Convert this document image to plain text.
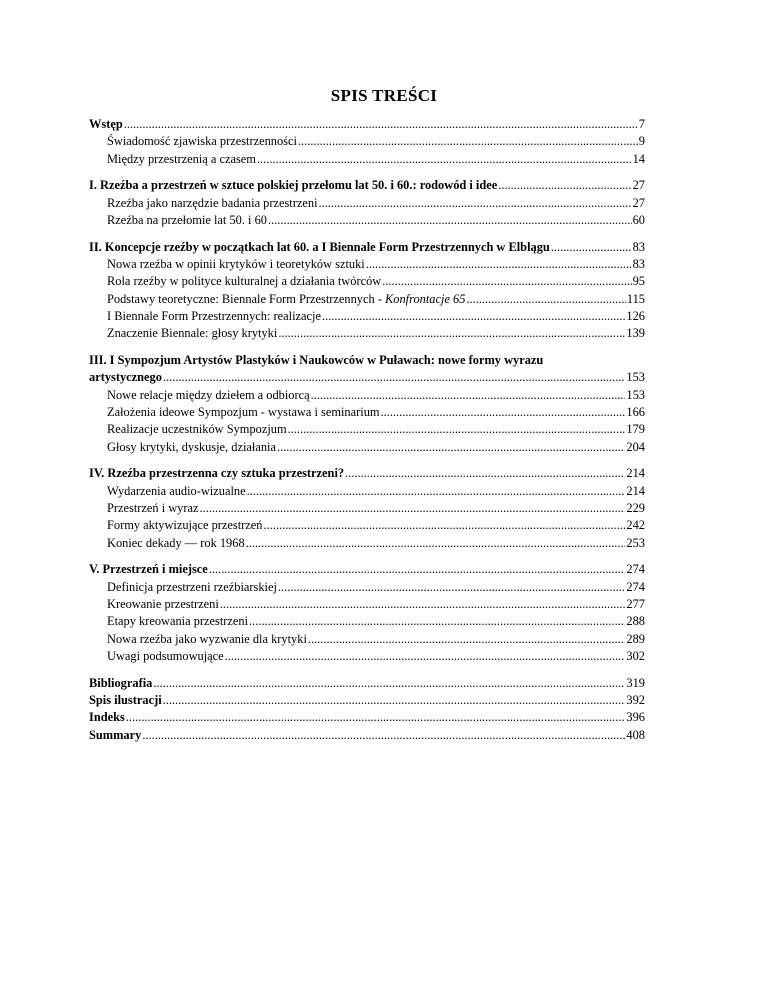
SPIS TREŚCI
Wstęp .....	7
Świadomość zjawiska przestrzenności .....	9
Między przestrzenią a czasem .....	14
I. Rzeźba a przestrzeń w sztuce polskiej przełomu lat 50. i 60.: rodowód i idee .....	27
Rzeźba jako narzędzie badania przestrzeni .....	27
Rzeźba na przełomie lat 50. i 60 .....	60
II. Koncepcje rzeźby w początkach lat 60. a I Biennale Form Przestrzennych w Elblągu .....	83
Nowa rzeźba w opinii krytyków i teoretyków sztuki .....	83
Rola rzeźby w polityce kulturalnej a działania twórców .....	95
Podstawy teoretyczne: Biennale Form Przestrzennych - Konfrontacje 65 .....	115
I Biennale Form Przestrzennych: realizacje .....	126
Znaczenie Biennale: głosy krytyki .....	139
III. I Sympozjum Artystów Plastyków i Naukowców w Puławach: nowe formy wyrazu
artystycznego .....	153
Nowe relacje między dziełem a odbiorcą .....	153
Założenia ideowe Sympozjum - wystawa i seminarium .....	166
Realizacje uczestników Sympozjum .....	179
Głosy krytyki, dyskusje, działania .....	204
IV. Rzeźba przestrzenna czy sztuka przestrzeni? .....	214
Wydarzenia audio-wizualne .....	214
Przestrzeń i wyraz .....	229
Formy aktywizujące przestrzeń .....	242
Koniec dekady — rok 1968 .....	253
V. Przestrzeń i miejsce .....	274
Definicja przestrzeni rzeźbiarskiej .....	274
Kreowanie przestrzeni .....	277
Etapy kreowania przestrzeni .....	288
Nowa rzeźba jako wyzwanie dla krytyki .....	289
Uwagi podsumowujące .....	302
Bibliografia .....	319
Spis ilustracji .....	392
Indeks .....	396
Summary .....	408
